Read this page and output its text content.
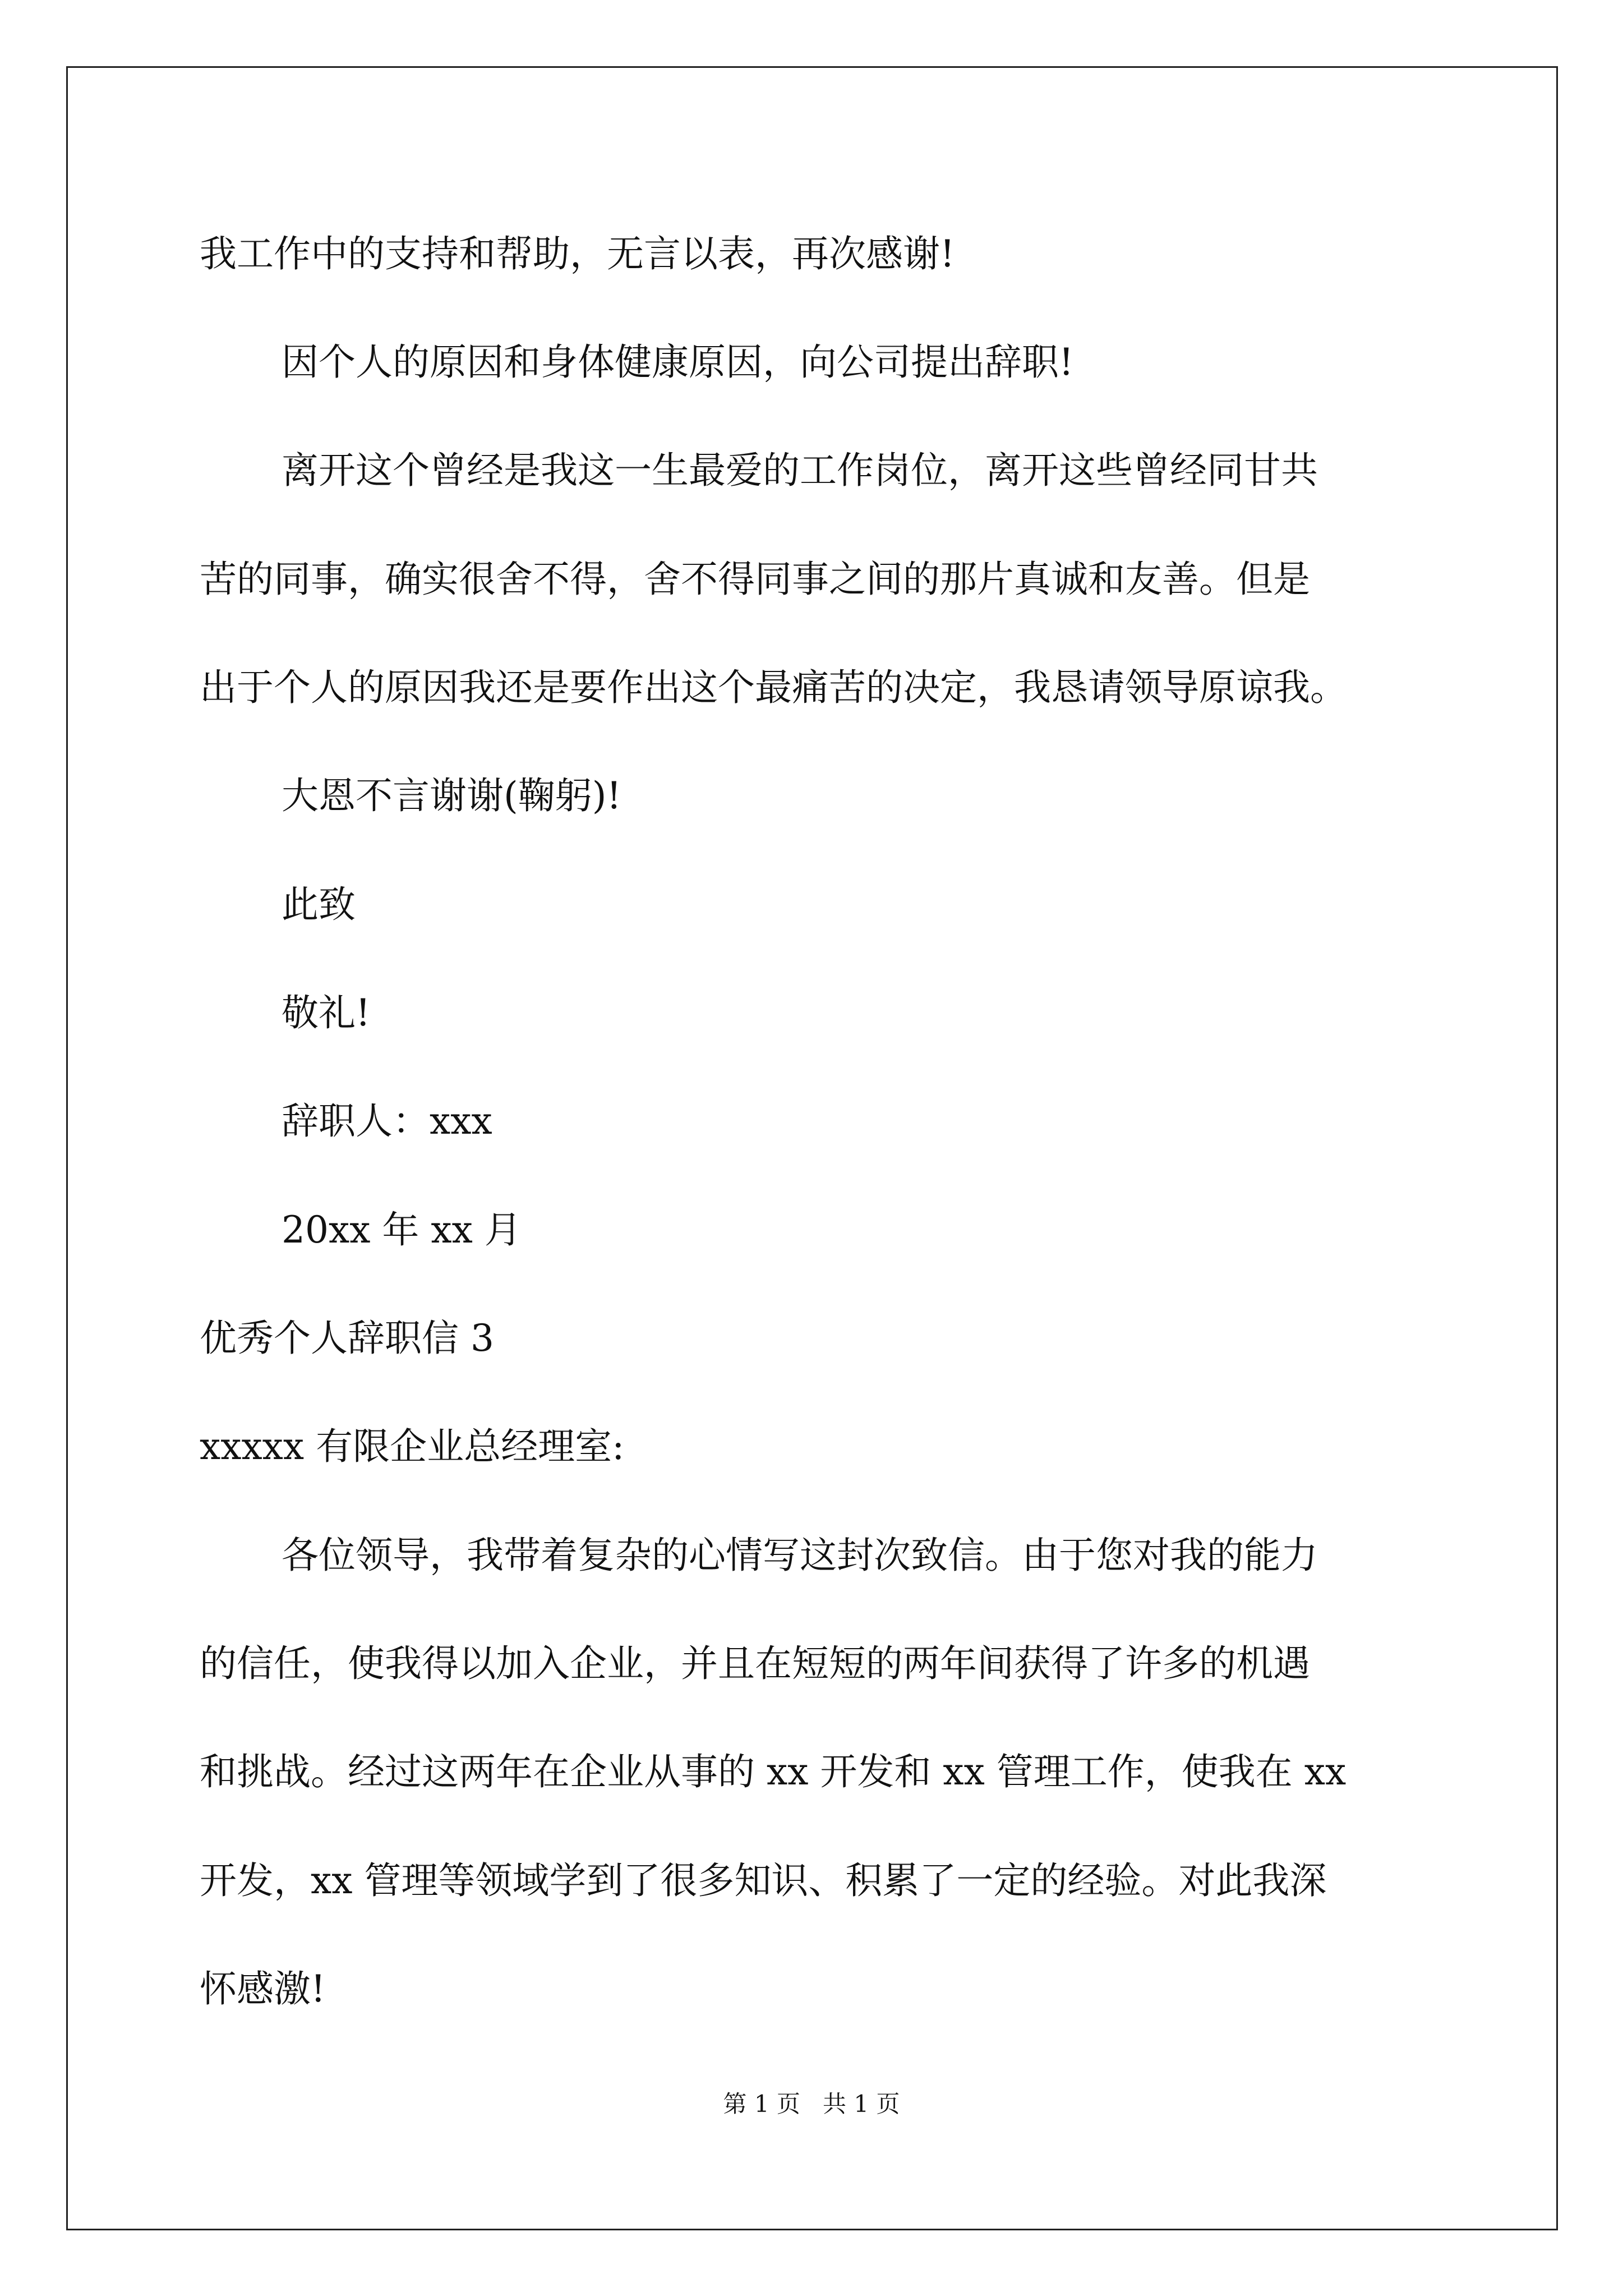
我工作中的支持和帮助，无言以表，再次感谢!
因个人的原因和身体健康原因，向公司提出辞职!
离开这个曾经是我这一生最爱的工作岗位，离开这些曾经同甘共
苦的同事，确实很舍不得，舍不得同事之间的那片真诚和友善。但是
出于个人的原因我还是要作出这个最痛苦的决定，我恳请领导原谅我。
大恩不言谢谢(鞠躬)!
此致
敬礼!
辞职人：xxx
20xx 年 xx 月
优秀个人辞职信 3
xxxxx 有限企业总经理室:
各位领导，我带着复杂的心情写这封次致信。由于您对我的能力
的信任，使我得以加入企业，并且在短短的两年间获得了许多的机遇
和挑战。经过这两年在企业从事的 xx 开发和 xx 管理工作，使我在 xx
开发，xx 管理等领域学到了很多知识、积累了一定的经验。对此我深
怀感激!
第 1 页   共 1 页
